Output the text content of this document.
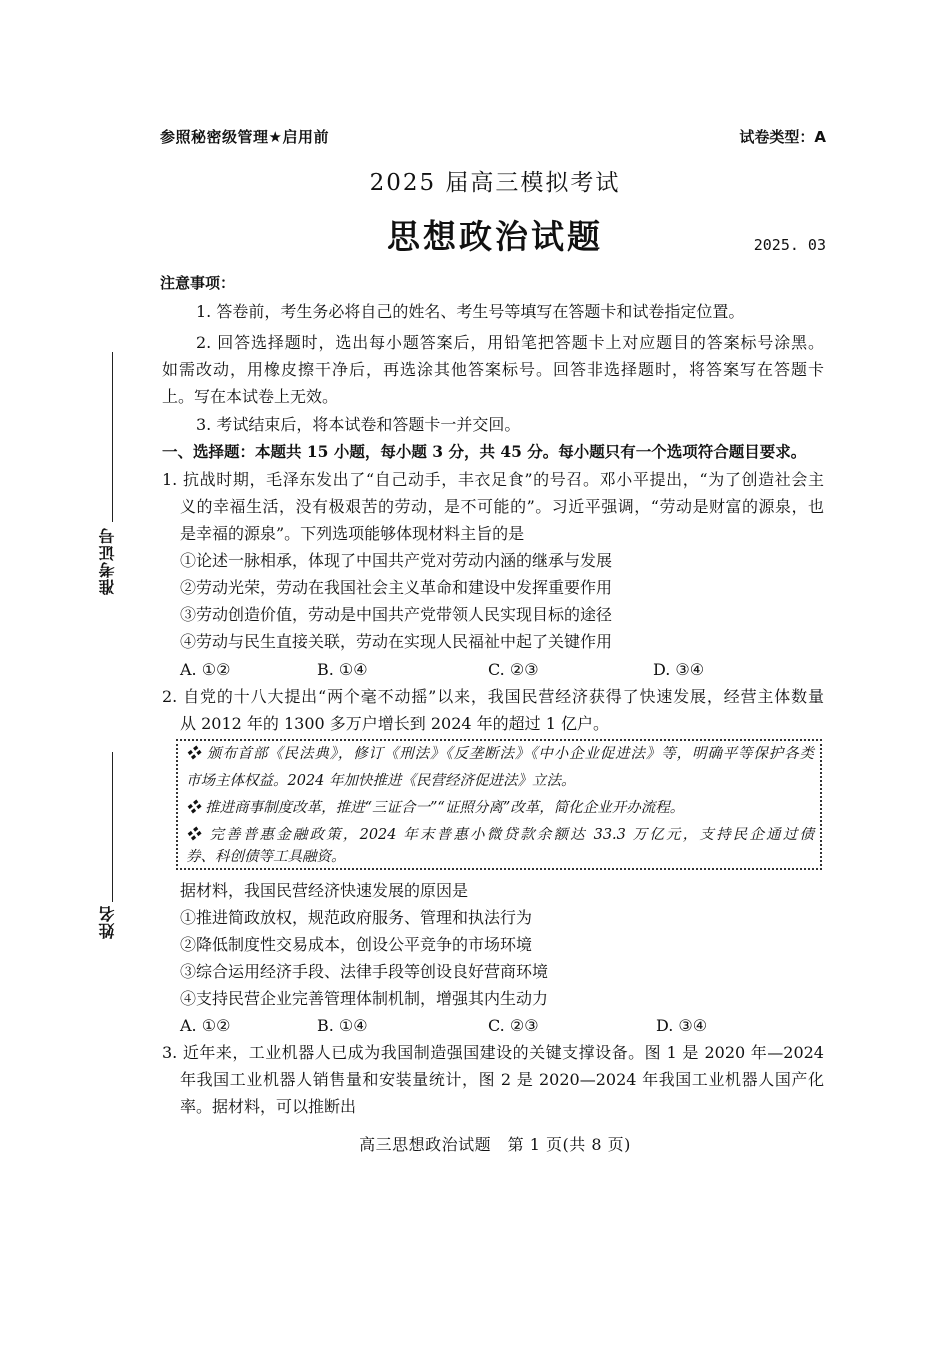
参照秘密级管理★启用前	试卷类型：A
2025 届高三模拟考试
思想政治试题	2025. 03
准考证号
姓名
注意事项：
1. 答卷前，考生务必将自己的姓名、考生号等填写在答题卡和试卷指定位置。
2. 回答选择题时，选出每小题答案后，用铅笔把答题卡上对应题目的答案标号涂黑。
如需改动，用橡皮擦干净后，再选涂其他答案标号。回答非选择题时，将答案写在答题卡
上。写在本试卷上无效。
3. 考试结束后，将本试卷和答题卡一并交回。
一、选择题：本题共 15 小题，每小题 3 分，共 45 分。每小题只有一个选项符合题目要求。
1. 抗战时期，毛泽东发出了“自己动手，丰衣足食”的号召。邓小平提出，“为了创造社会主
义的幸福生活，没有极艰苦的劳动，是不可能的”。习近平强调，“劳动是财富的源泉，也
是幸福的源泉”。下列选项能够体现材料主旨的是
①论述一脉相承，体现了中国共产党对劳动内涵的继承与发展
②劳动光荣，劳动在我国社会主义革命和建设中发挥重要作用
③劳动创造价值，劳动是中国共产党带领人民实现目标的途径
④劳动与民生直接关联，劳动在实现人民福祉中起了关键作用
A. ①②	B. ①④	C. ②③	D. ③④
2. 自党的十八大提出“两个毫不动摇”以来，我国民营经济获得了快速发展，经营主体数量
从 2012 年的 1300 多万户增长到 2024 年的超过 1 亿户。
❖ 颁布首部《民法典》，修订《刑法》《反垄断法》《中小企业促进法》等，明确平等保护各类
市场主体权益。2024 年加快推进《民营经济促进法》立法。
❖ 推进商事制度改革，推进“三证合一”“证照分离”改革，简化企业开办流程。
❖ 完善普惠金融政策，2024 年末普惠小微贷款余额达 33.3 万亿元，支持民企通过债
券、科创债等工具融资。
据材料，我国民营经济快速发展的原因是
①推进简政放权，规范政府服务、管理和执法行为
②降低制度性交易成本，创设公平竞争的市场环境
③综合运用经济手段、法律手段等创设良好营商环境
④支持民营企业完善管理体制机制，增强其内生动力
A. ①②	B. ①④	C. ②③	D. ③④
3. 近年来，工业机器人已成为我国制造强国建设的关键支撑设备。图 1 是 2020 年—2024
年我国工业机器人销售量和安装量统计，图 2 是 2020—2024 年我国工业机器人国产化
率。据材料，可以推断出
高三思想政治试题　第 1 页(共 8 页)
